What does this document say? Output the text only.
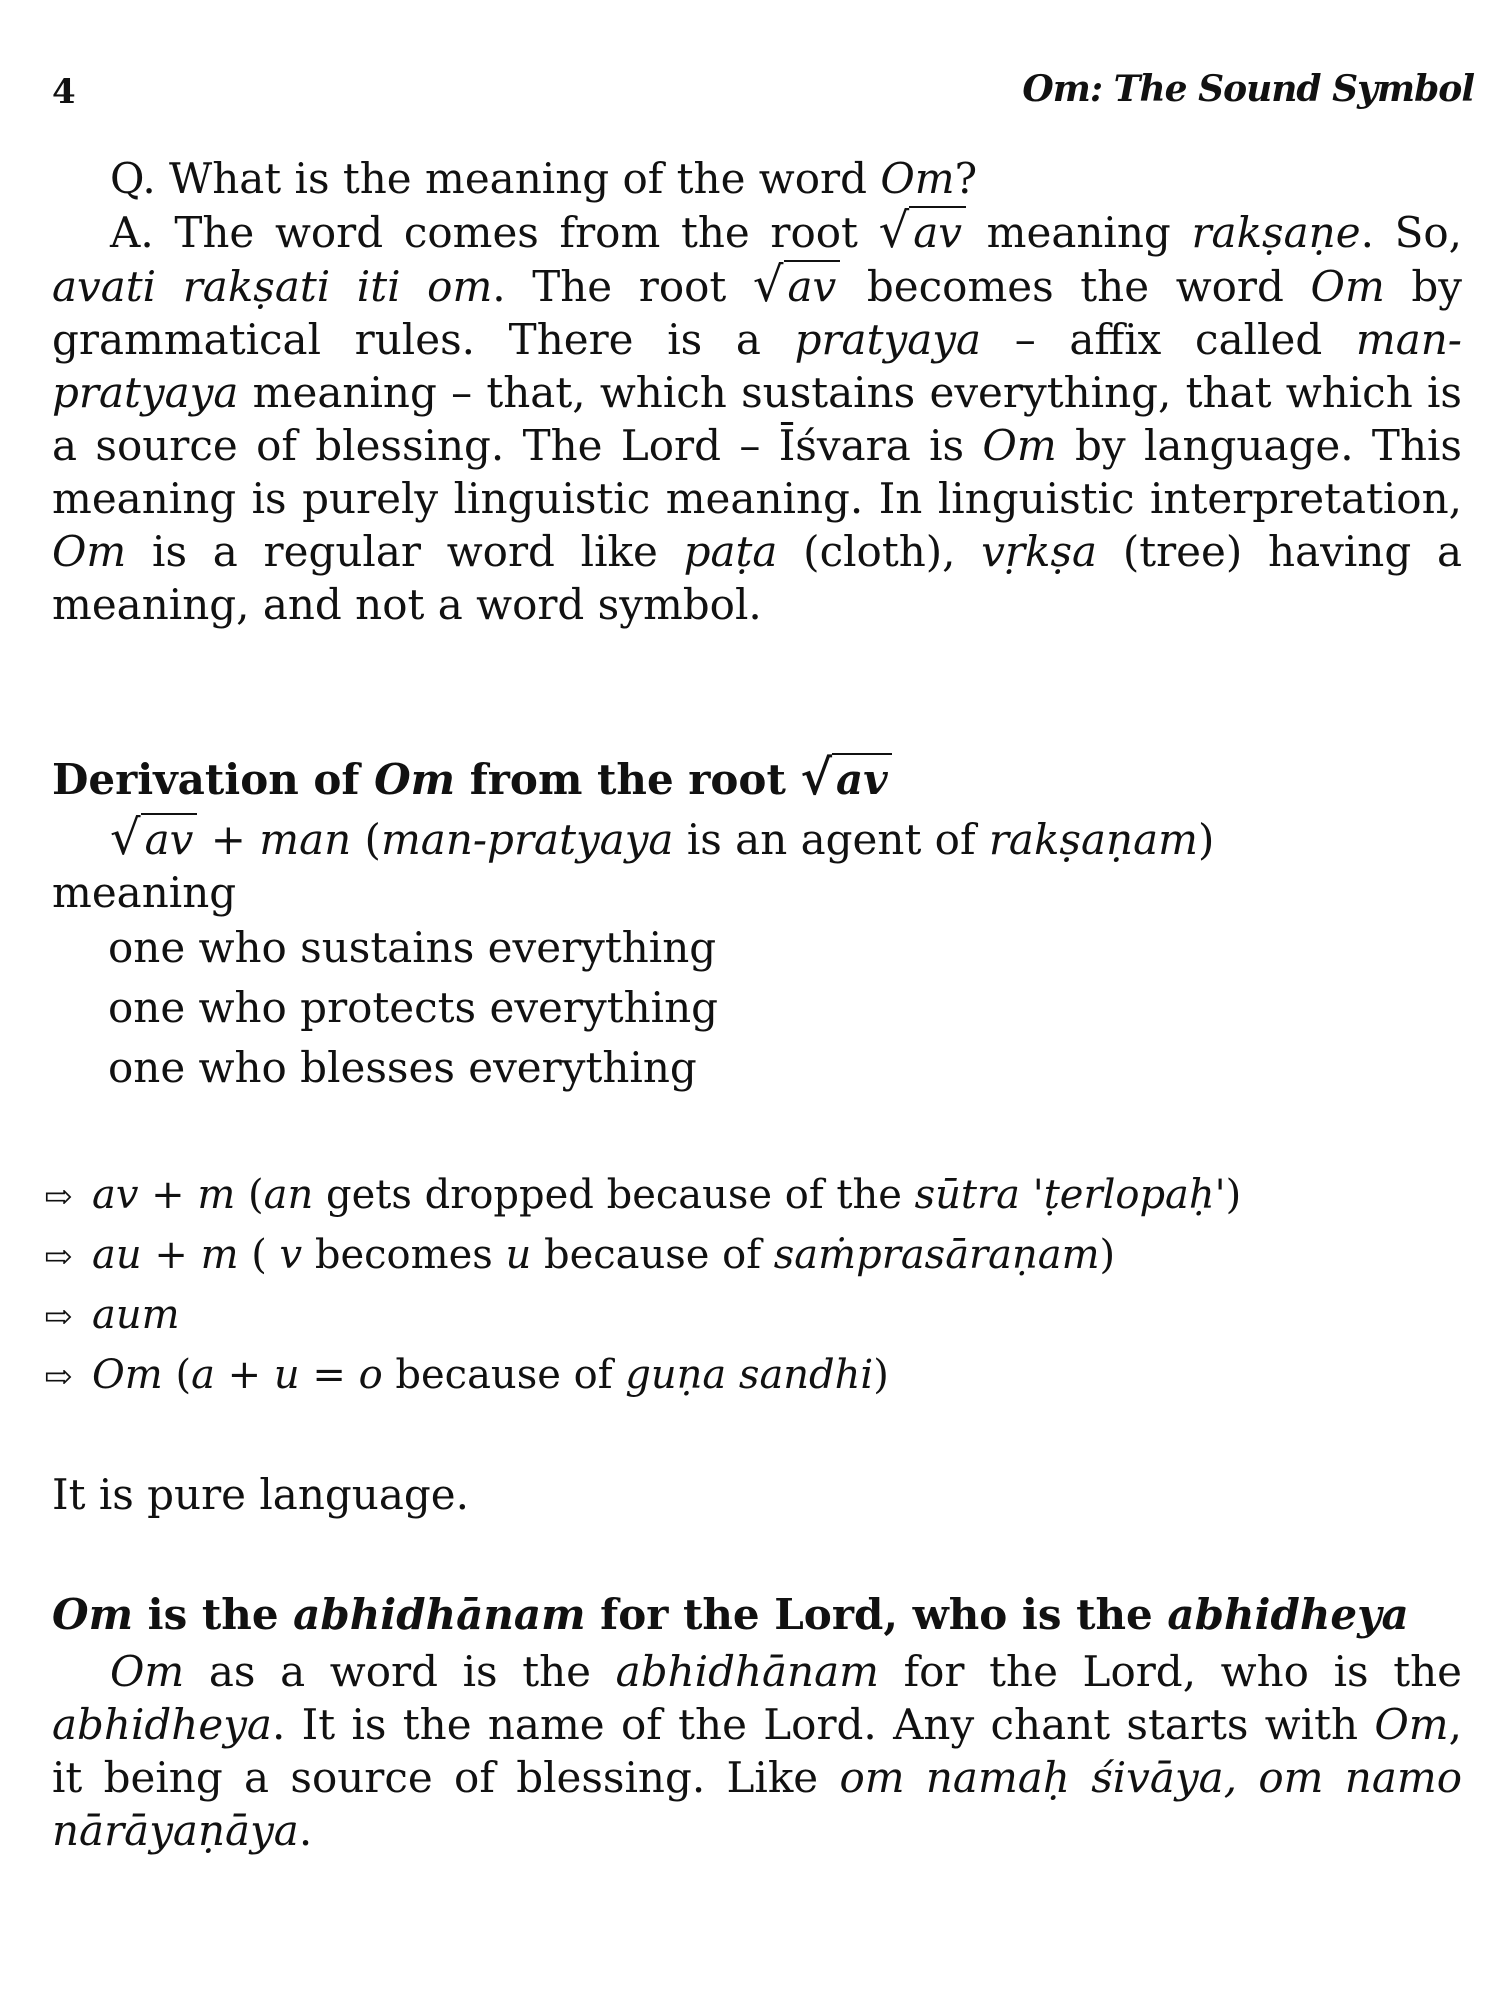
4	Om: The Sound Symbol

Q. What is the meaning of the word Om?

A. The word comes from the root √av meaning rakṣaṇe. So, avati rakṣati iti om. The root √av becomes the word Om by grammatical rules. There is a pratyaya – affix called man-pratyaya meaning – that, which sustains everything, that which is a source of blessing. The Lord – Īśvara is Om by language. This meaning is purely linguistic meaning. In linguistic interpretation, Om is a regular word like paṭa (cloth), vṛkṣa (tree) having a meaning, and not a word symbol.

Derivation of Om from the root √av

√av + man (man-pratyaya is an agent of rakṣaṇam)

meaning

one who sustains everything
one who protects everything
one who blesses everything
⇨ av + m (an gets dropped because of the sūtra 'ṭerlopaḥ')
⇨ au + m ( v becomes u because of saṁprasāraṇam)
⇨ aum
⇨ Om (a + u = o because of guṇa sandhi)
It is pure language.

Om is the abhidhānam for the Lord, who is the abhidheya

Om as a word is the abhidhānam for the Lord, who is the abhidheya. It is the name of the Lord. Any chant starts with Om, it being a source of blessing. Like om namaḥ śivāya, om namo nārāyaṇāya.
